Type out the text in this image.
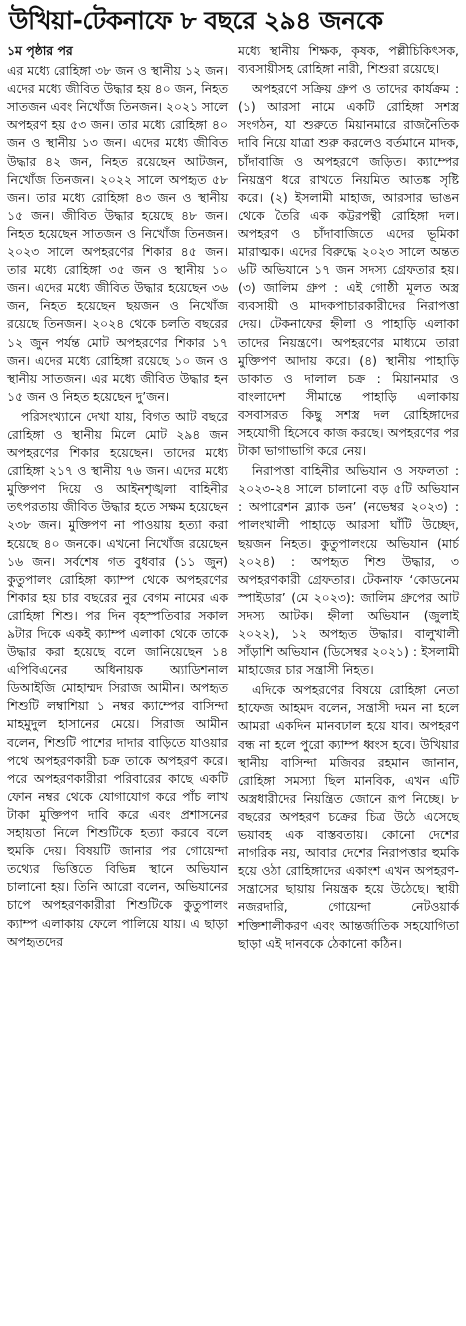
উখিয়া-টেকনাফে ৮ বছরে ২৯৪ জনকে

১ম পৃষ্ঠার পর

এর মধ্যে রোহিঙ্গা ৩৮ জন ও স্থানীয় ১২ জন। এদের মধ্যে জীবিত উদ্ধার হয় ৪০ জন, নিহত সাতজন এবং নিখোঁজ তিনজন। ২০২১ সালে অপহরণ হয় ৫৩ জন। তার মধ্যে রোহিঙ্গা ৪০ জন ও স্থানীয় ১৩ জন। এদের মধ্যে জীবিত উদ্ধার ৪২ জন, নিহত রয়েছেন আটজন, নিখোঁজ তিনজন। ২০২২ সালে অপহৃত ৫৮ জন। তার মধ্যে রোহিঙ্গা ৪৩ জন ও স্থানীয় ১৫ জন। জীবিত উদ্ধার হয়েছে ৪৮ জন। নিহত হয়েছেন সাতজন ও নিখোঁজ তিনজন। ২০২৩ সালে অপহরণের শিকার ৪৫ জন। তার মধ্যে রোহিঙ্গা ৩৫ জন ও স্থানীয় ১০ জন। এদের মধ্যে জীবিত উদ্ধার হয়েছেন ৩৬ জন, নিহত হয়েছেন ছয়জন ও নিখোঁজ রয়েছে তিনজন। ২০২৪ থেকে চলতি বছরের ১২ জুন পর্যন্ত মোট অপহরণের শিকার ১৭ জন। এদের মধ্যে রোহিঙ্গা রয়েছে ১০ জন ও স্থানীয় সাতজন। এর মধ্যে জীবিত উদ্ধার হন ১৫ জন ও নিহত হয়েছেন দু’জন।

পরিসংখ্যানে দেখা যায়, বিগত আট বছরে রোহিঙ্গা ও স্থানীয় মিলে মোট ২৯৪ জন অপহরণের শিকার হয়েছেন। তাদের মধ্যে রোহিঙ্গা ২১৭ ও স্থানীয় ৭৬ জন। এদের মধ্যে মুক্তিপণ দিয়ে ও আইনশৃঙ্খলা বাহিনীর তৎপরতায় জীবিত উদ্ধার হতে সক্ষম হয়েছেন ২৩৮ জন। মুক্তিপণ না পাওয়ায় হত্যা করা হয়েছে ৪০ জনকে। এখনো নিখোঁজ রয়েছেন ১৬ জন। সর্বশেষ গত বুধবার (১১ জুন) কুতুপালং রোহিঙ্গা ক্যাম্প থেকে অপহরণের শিকার হয় চার বছরের নুর বেগম নামের এক রোহিঙ্গা শিশু। পর দিন বৃহস্পতিবার সকাল ৯টার দিকে একই ক্যাম্প এলাকা থেকে তাকে উদ্ধার করা হয়েছে বলে জানিয়েছেন ১৪ এপিবিএনের অধিনায়ক অ্যাডিশনাল ডিআইজি মোহাম্মদ সিরাজ আমীন। অপহৃত শিশুটি লম্বাশিয়া ১ নম্বর ক্যাম্পের বাসিন্দা মাহমুদুল হাসানের মেয়ে। সিরাজ আমীন বলেন, শিশুটি পাশের দাদার বাড়িতে যাওয়ার পথে অপহরণকারী চক্র তাকে অপহরণ করে। পরে অপহরণকারীরা পরিবারের কাছে একটি ফোন নম্বর থেকে যোগাযোগ করে পাঁচ লাখ টাকা মুক্তিপণ দাবি করে এবং প্রশাসনের সহায়তা নিলে শিশুটিকে হত্যা করবে বলে হুমকি দেয়। বিষয়টি জানার পর গোয়েন্দা তথ্যের ভিত্তিতে বিভিন্ন স্থানে অভিযান চালানো হয়। তিনি আরো বলেন, অভিযানের চাপে অপহরণকারীরা শিশুটিকে কুতুপালং ক্যাম্প এলাকায় ফেলে পালিয়ে যায়। এ ছাড়া অপহৃতদের

মধ্যে স্থানীয় শিক্ষক, কৃষক, পল্লীচিকিৎসক, ব্যবসায়ীসহ রোহিঙ্গা নারী, শিশুরা রয়েছে।

অপহরণে সক্রিয় গ্রুপ ও তাদের কার্যক্রম : (১) আরসা নামে একটি রোহিঙ্গা সশস্ত্র সংগঠন, যা শুরুতে মিয়ানমারে রাজনৈতিক দাবি নিয়ে যাত্রা শুরু করলেও বর্তমানে মাদক, চাঁদাবাজি ও অপহরণে জড়িত। ক্যাম্পের নিয়ন্ত্রণ ধরে রাখতে নিয়মিত আতঙ্ক সৃষ্টি করে। (২) ইসলামী মাহাজ, আরসার ভাঙন থেকে তৈরি এক কট্টরপন্থী রোহিঙ্গা দল। অপহরণ ও চাঁদাবাজিতে এদের ভূমিকা মারাত্মক। এদের বিরুদ্ধে ২০২৩ সালে অন্তত ৬টি অভিযানে ১৭ জন সদস্য গ্রেফতার হয়। (৩) জালিম গ্রুপ : এই গোষ্ঠী মূলত অস্ত্র ব্যবসায়ী ও মাদকপাচারকারীদের নিরাপত্তা দেয়। টেকনাফের হ্নীলা ও পাহাড়ি এলাকা তাদের নিয়ন্ত্রণে। অপহরণের মাধ্যমে তারা মুক্তিপণ আদায় করে। (৪) স্থানীয় পাহাড়ি ডাকাত ও দালাল চক্র : মিয়ানমার ও বাংলাদেশ সীমান্তে পাহাড়ি এলাকায় বসবাসরত কিছু সশস্ত্র দল রোহিঙ্গাদের সহযোগী হিসেবে কাজ করছে। অপহরণের পর টাকা ভাগাভাগি করে নেয়।

নিরাপত্তা বাহিনীর অভিযান ও সফলতা : ২০২৩-২৪ সালে চালানো বড় ৫টি অভিযান : অপারেশন ব্ল্যাক ডন’ (নভেম্বর ২০২৩) : পালংখালী পাহাড়ে আরসা ঘাঁটি উচ্ছেদ, ছয়জন নিহত। কুতুপালংয়ে অভিযান (মার্চ ২০২৪) : অপহৃত শিশু উদ্ধার, ৩ অপহরণকারী গ্রেফতার। টেকনাফ ‘কোডনেম স্পাইডার’ (মে ২০২৩): জালিম গ্রুপের আট সদস্য আটক। হ্নীলা অভিযান (জুলাই ২০২২), ১২ অপহৃত উদ্ধার। বালুখালী সাঁড়াশি অভিযান (ডিসেম্বর ২০২১) : ইসলামী মাহাজের চার সন্ত্রাসী নিহত।

এদিকে অপহরণের বিষয়ে রোহিঙ্গা নেতা হাফেজ আহমদ বলেন, সন্ত্রাসী দমন না হলে আমরা একদিন মানবঢাল হয়ে যাব। অপহরণ বন্ধ না হলে পুরো ক্যাম্প ধ্বংস হবে। উখিয়ার স্থানীয় বাসিন্দা মজিবর রহমান জানান, রোহিঙ্গা সমস্যা ছিল মানবিক, এখন এটি অস্ত্রধারীদের নিয়ন্ত্রিত জোনে রূপ নিচ্ছে। ৮ বছরের অপহরণ চক্রের চিত্র উঠে এসেছে ভয়াবহ এক বাস্তবতায়। কোনো দেশের নাগরিক নয়, আবার দেশের নিরাপত্তার হুমকি হয়ে ওঠা রোহিঙ্গাদের একাংশ এখন অপহরণ-সন্ত্রাসের ছায়ায় নিয়ন্ত্রক হয়ে উঠেছে। স্থায়ী নজরদারি, গোয়েন্দা নেটওয়ার্ক শক্তিশালীকরণ এবং আন্তর্জাতিক সহযোগিতা ছাড়া এই দানবকে ঠেকানো কঠিন।
